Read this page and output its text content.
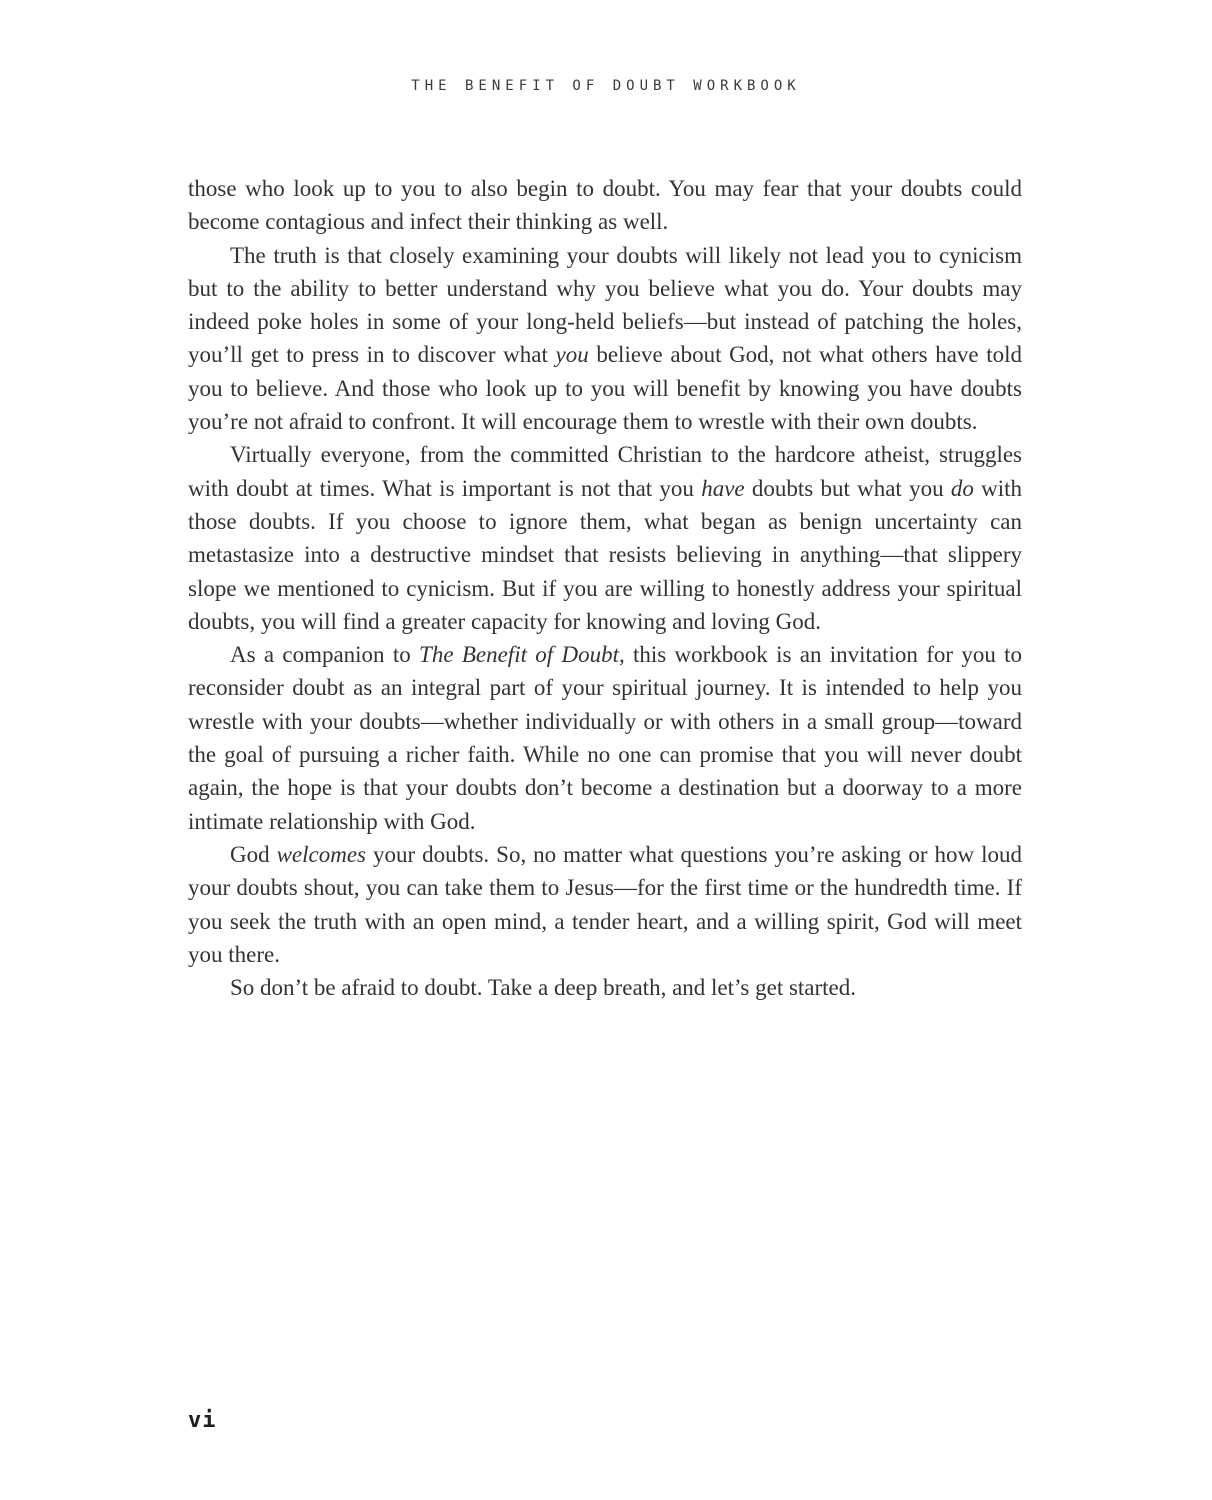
THE BENEFIT OF DOUBT WORKBOOK

those who look up to you to also begin to doubt. You may fear that your doubts could become contagious and infect their thinking as well.

The truth is that closely examining your doubts will likely not lead you to cynicism but to the ability to better understand why you believe what you do. Your doubts may indeed poke holes in some of your long-held beliefs—but instead of patching the holes, you’ll get to press in to discover what you believe about God, not what others have told you to believe. And those who look up to you will benefit by knowing you have doubts you’re not afraid to confront. It will encourage them to wrestle with their own doubts.

Virtually everyone, from the committed Christian to the hardcore atheist, struggles with doubt at times. What is important is not that you have doubts but what you do with those doubts. If you choose to ignore them, what began as benign uncertainty can metastasize into a destructive mindset that resists believing in anything—that slippery slope we mentioned to cynicism. But if you are willing to honestly address your spiritual doubts, you will find a greater capacity for knowing and loving God.

As a companion to The Benefit of Doubt, this workbook is an invitation for you to reconsider doubt as an integral part of your spiritual journey. It is intended to help you wrestle with your doubts—whether individually or with others in a small group—toward the goal of pursuing a richer faith. While no one can promise that you will never doubt again, the hope is that your doubts don’t become a destination but a doorway to a more intimate relationship with God.

God welcomes your doubts. So, no matter what questions you’re asking or how loud your doubts shout, you can take them to Jesus—for the first time or the hundredth time. If you seek the truth with an open mind, a tender heart, and a willing spirit, God will meet you there.

So don’t be afraid to doubt. Take a deep breath, and let’s get started.

vi
